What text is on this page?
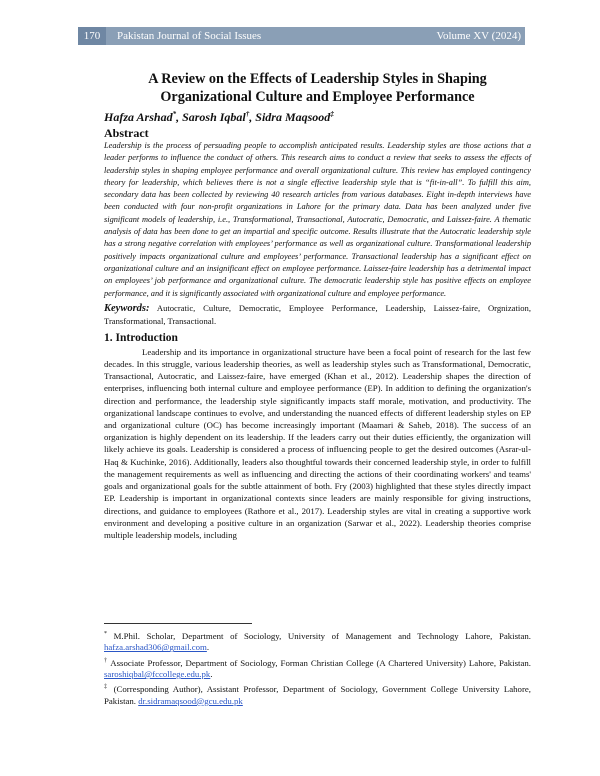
170	Pakistan Journal of Social Issues	Volume XV (2024)
A Review on the Effects of Leadership Styles in Shaping Organizational Culture and Employee Performance
Hafza Arshad*, Sarosh Iqbal†, Sidra Maqsood‡
Abstract

Leadership is the process of persuading people to accomplish anticipated results. Leadership styles are those actions that a leader performs to influence the conduct of others. This research aims to conduct a review that seeks to assess the effects of leadership styles in shaping employee performance and overall organizational culture. This review has employed contingency theory for leadership, which believes there is not a single effective leadership style that is “fit-in-all”. To fulfill this aim, secondary data has been collected by reviewing 40 research articles from various databases. Eight in-depth interviews have been conducted with four non-profit organizations in Lahore for the primary data. Data has been analyzed under five significant models of leadership, i.e., Transformational, Transactional, Autocratic, Democratic, and Laissez-faire. A thematic analysis of data has been done to get an impartial and specific outcome. Results illustrate that the Autocratic leadership style has a strong negative correlation with employees’ performance as well as organizational culture. Transformational leadership positively impacts organizational culture and employees’ performance. Transactional leadership has a significant effect on organizational culture and an insignificant effect on employee performance. Laissez-faire leadership has a detrimental impact on employees’ job performance and organizational culture. The democratic leadership style has positive effects on employee performance, and it is significantly associated with organizational culture and employee performance.

Keywords: Autocratic, Culture, Democratic, Employee Performance, Leadership, Laissez-faire, Orgnization, Transformational, Transactional.
1. Introduction

Leadership and its importance in organizational structure have been a focal point of research for the last few decades. In this struggle, various leadership theories, as well as leadership styles such as Transformational, Democratic, Transactional, Autocratic, and Laissez-faire, have emerged (Khan et al., 2012). Leadership shapes the direction of enterprises, influencing both internal culture and employee performance (EP). In addition to defining the organization's direction and performance, the leadership style significantly impacts staff morale, motivation, and productivity. The organizational landscape continues to evolve, and understanding the nuanced effects of different leadership styles on EP and organizational culture (OC) has become increasingly important (Maamari & Saheb, 2018). The success of an organization is highly dependent on its leadership. If the leaders carry out their duties efficiently, the organization will likely achieve its goals. Leadership is considered a process of influencing people to get the desired outcomes (Asrar-ul-Haq & Kuchinke, 2016). Additionally, leaders also thoughtful towards their concerned leadership style, in order to fulfill the management requirements as well as influencing and directing the actions of their coordinating workers' and teams' goals and organizational goals for the subtle attainment of both. Fry (2003) highlighted that these styles directly impact EP. Leadership is important in organizational contexts since leaders are mainly responsible for giving instructions, directions, and guidance to employees (Rathore et al., 2017). Leadership styles are vital in creating a supportive work environment and developing a positive culture in an organization (Sarwar et al., 2022). Leadership theories comprise multiple leadership models, including

* M.Phil. Scholar, Department of Sociology, University of Management and Technology Lahore, Pakistan. hafza.arshad306@gmail.com.

† Associate Professor, Department of Sociology, Forman Christian College (A Chartered University) Lahore, Pakistan. saroshiqbal@fccollege.edu.pk.

‡ (Corresponding Author), Assistant Professor, Department of Sociology, Government College University Lahore, Pakistan. dr.sidramaqsood@gcu.edu.pk
